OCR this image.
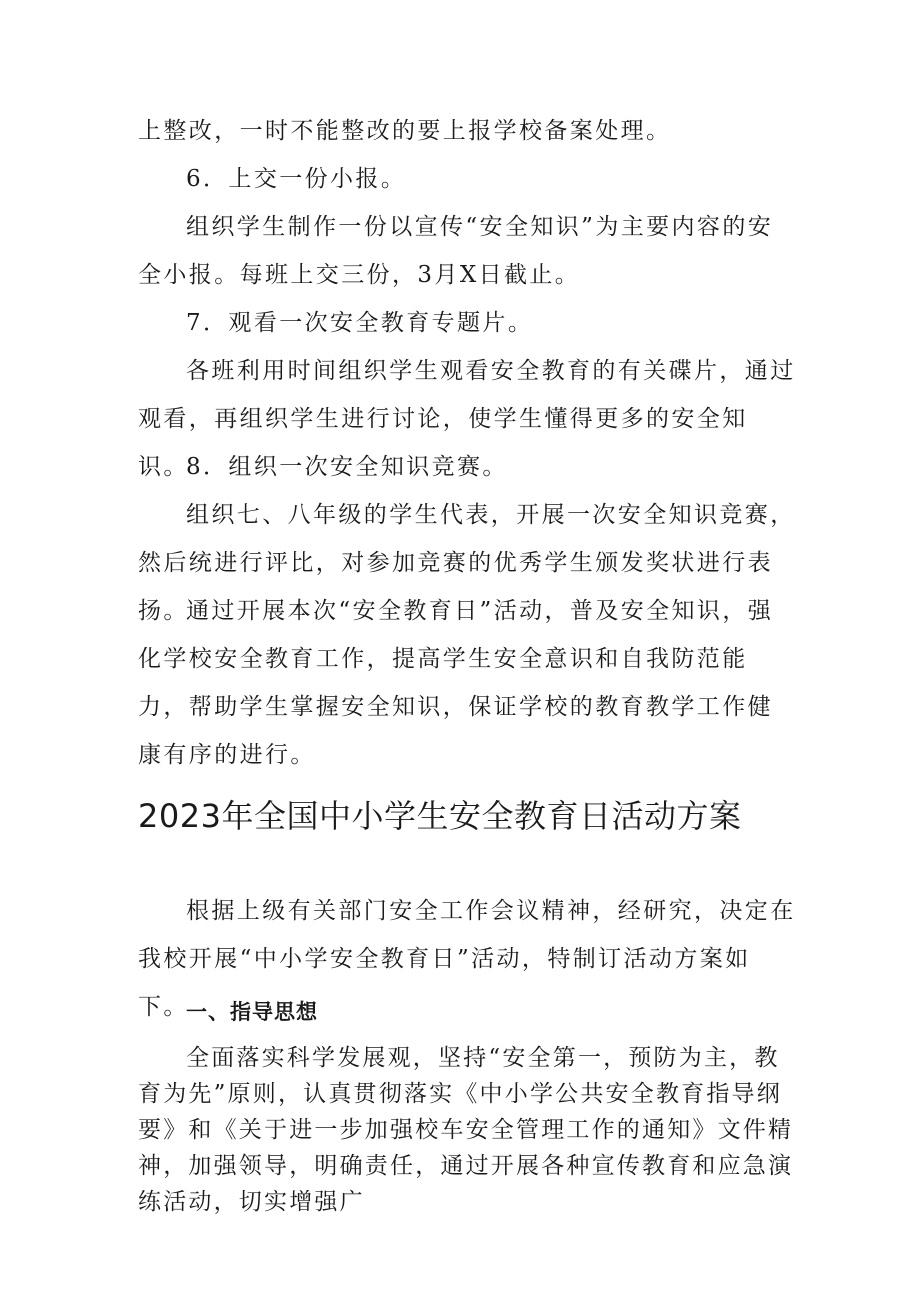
上整改，一时不能整改的要上报学校备案处理。

6．上交一份小报。

组织学生制作一份以宣传“安全知识”为主要内容的安全小报。每班上交三份，3月X日截止。

7．观看一次安全教育专题片。

各班利用时间组织学生观看安全教育的有关碟片，通过观看，再组织学生进行讨论，使学生懂得更多的安全知识。

8．组织一次安全知识竞赛。

组织七、八年级的学生代表，开展一次安全知识竞赛，然后统进行评比，对参加竞赛的优秀学生颁发奖状进行表扬。

通过开展本次“安全教育日”活动，普及安全知识，强化学校安全教育工作，提高学生安全意识和自我防范能力，帮助学生掌握安全知识，保证学校的教育教学工作健康有序的进行。

2023年全国中小学生安全教育日活动方案

根据上级有关部门安全工作会议精神，经研究，决定在我校开展“中小学安全教育日”活动，特制订活动方案如下。

一、指导思想

全面落实科学发展观，坚持“安全第一，预防为主，教育为先”原则，认真贯彻落实《中小学公共安全教育指导纲要》和《关于进一步加强校车安全管理工作的通知》文件精神，加强领导，明确责任，通过开展各种宣传教育和应急演练活动，切实增强广
